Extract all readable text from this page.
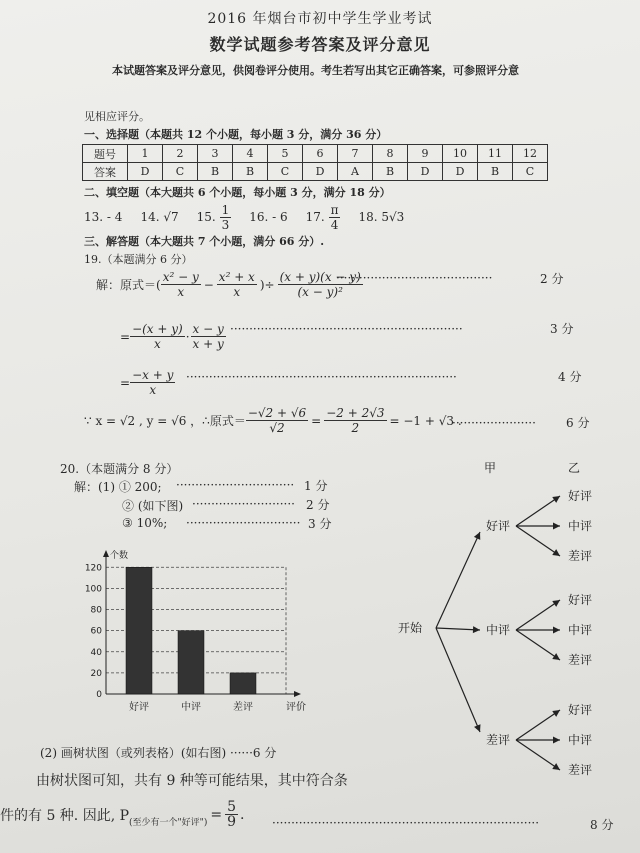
2016 年烟台市初中学生学业考试
数学试题参考答案及评分意见
本试题答案及评分意见，供阅卷评分使用。考生若写出其它正确答案，可参照评分意
见相应评分。
一、选择题（本题共 12 个小题，每小题 3 分，满分 36 分）
题号	1	2	3	4	5	6	7	8	9	10	11	12
答案	D	C	B	B	C	D	A	B	D	D	B	C
二、填空题（本大题共 6 个小题，每小题 3 分，满分 18 分）
13. - 4 14. √7 15. $\frac{1}{3} 16$. - 6 17. $\frac{\pi}{4} 18$. 5√3
三、解答题（本大题共 7 个小题，满分 66 分）.
19.（本题满分 6 分）
解：原式＝( $\frac{\text{x² − y}}{x} - \frac{\text{x² + x}}{x}$ )÷ $\frac{(x + y)(x - y)}{\text{(x − y)²}}$
·········································	2 分
= $\frac{-(x + y)}{x} \cdot \frac{x - y}{x + y}$ ·····························································	3 分
= $\frac{-x + y}{x}$ ·······································································	4 分
∵ x = √2 , y = √6 ，∴原式＝ $\frac{-√2 + √6}{√2} = \frac{-2 + 2√3}{2} = -1 + √3$ .
······················	6 分
20.（本题满分 8 分）
解：(1) ① 200; ······························· 1 分
② (如下图) ··························· 2 分
③ 10%; ······························ 3 分
0
20
40
60
80
100
120
个数
评价
好评	中评	差评
甲	乙
开始
好评
好评
中评
差评
中评
好评
中评
差评
差评
好评
中评
差评
(2) 画树状图（或列表格）(如右图) ······6 分
由树状图可知，共有 9 种等可能结果，其中符合条
件的有 5 种. 因此, P (至少有一个"好评")
= $\frac{5}{9}$ .
······································································	8 分
